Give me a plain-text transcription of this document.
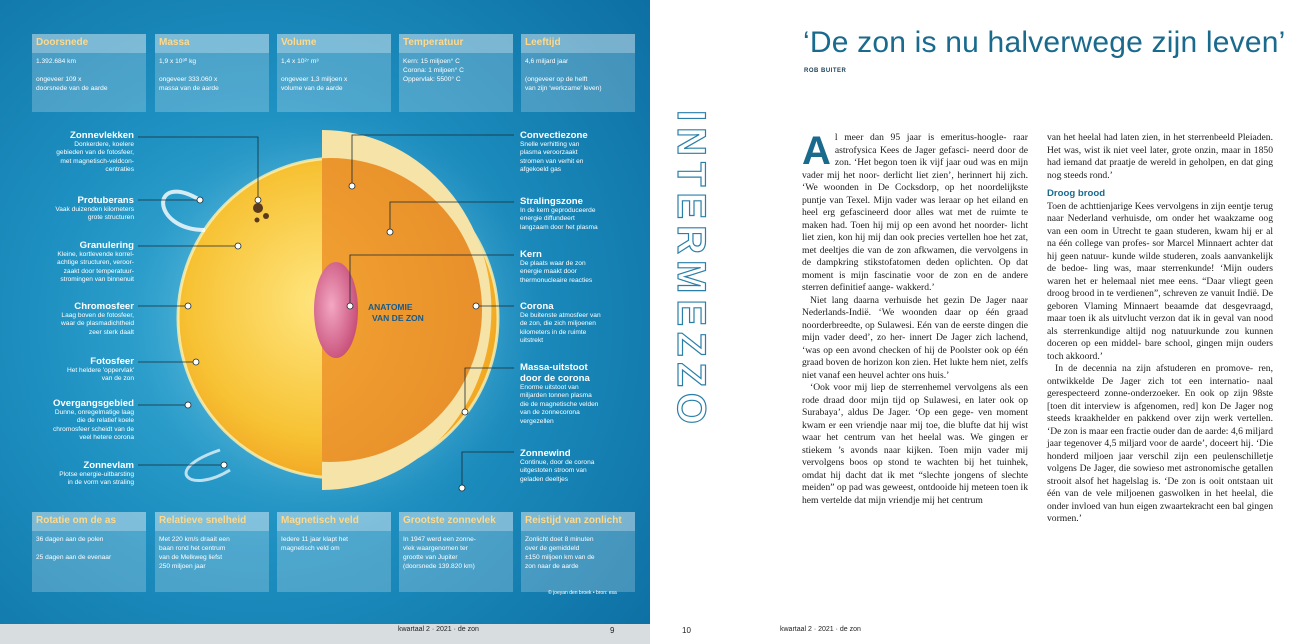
ANATOMIE
VAN DE ZON
Doorsnede
1.392.684 km

ongeveer 109 x
doorsnede van de aarde
Massa
1,9 x 10³⁰ kg

ongeveer 333.060 x
massa van de aarde
Volume
1,4 x 10²⁷ m³

ongeveer 1,3 miljoen x
volume van de aarde
Temperatuur
Kern: 15 miljoen° C
Corona: 1 miljoen° C
Oppervlak: 5500° C
Leeftijd
4,6 miljard jaar

(ongeveer op de helft
van zijn 'werkzame' leven)
Zonnevlekken
Donkerdere, koelere
gebieden van de fotosfeer,
met magnetisch-veldcon-
centraties
Protuberans
Vaak duizenden kilometers
grote structuren
Granulering
Kleine, kortlevende korrel-
achtige structuren, veroor-
zaakt door temperatuur-
stromingen van binnenuit
Chromosfeer
Laag boven de fotosfeer,
waar de plasmadichtheid
zeer sterk daalt
Fotosfeer
Het heldere 'oppervlak'
van de zon
Overgangsgebied
Dunne, onregelmatige laag
die de relatief koele
chromosfeer scheidt van de
veel hetere corona
Zonnevlam
Plotse energie-uitbarsting
in de vorm van straling
Convectiezone
Snelle verhitting van
plasma veroorzaakt
stromen van verhit en
afgekoeld gas
Stralingszone
In de kern geproduceerde
energie diffundeert
langzaam door het plasma
Kern
De plaats waar de zon
energie maakt door
thermonucleaire reacties
Corona
De buitenste atmosfeer van
de zon, die zich miljoenen
kilometers in de ruimte
uitstrekt
Massa-uitstoot
door de corona
Enorme uitstoot van
miljarden tonnen plasma
die de magnetische velden
van de zonnecorona
vergezellen
Zonnewind
Continue, door de corona
uitgestoten stroom van
geladen deeltjes
Rotatie om de as
36 dagen aan de polen

25 dagen aan de evenaar
Relatieve snelheid
Met 220 km/s draait een
baan rond het centrum
van de Melkweg liefst
250 miljoen jaar
Magnetisch veld
Iedere 11 jaar klapt het
magnetisch veld om
Grootste zonnevlek
In 1947 werd een zonne-
vlek waargenomen ter
grootte van Jupiter
(doorsnede 139.820 km)
Reistijd van zonlicht
Zonlicht doet 8 minuten
over de gemiddeld
±150 miljoen km van de
zon naar de aarde
© joeyan den broek • bron: esa
kwartaal 2 · 2021 · de zon	9
INTERMEZZO
‘De zon is nu halverwege zijn leven’
ROB BUITER

Al meer dan 95 jaar is emeritus-hoogle- raar astrofysica Kees de Jager gefasci- neerd door de zon. ‘Het begon toen ik vijf jaar oud was en mijn vader mij het noor- derlicht liet zien’, herinnert hij zich. ‘We woonden in De Cocksdorp, op het noordelijkste puntje van Texel. Mijn vader was leraar op het eiland en heel erg gefascineerd door alles wat met de ruimte te maken had. Toen hij mij op een avond het noorder- licht liet zien, kon hij mij dan ook precies vertellen hoe het zat, met deeltjes die van de zon afkwamen, die vervolgens in de dampkring stikstofatomen deden oplichten. Op dat moment is mijn fascinatie voor de zon en de andere sterren definitief aange- wakkerd.’

Niet lang daarna verhuisde het gezin De Jager naar Nederlands-Indië. ‘We woonden daar op één graad noorderbreedte, op Sulawesi. Eén van de eerste dingen die mijn vader deed’, zo her- innert De Jager zich lachend, ‘was op een avond checken of hij de Poolster ook op één graad boven de horizon kon zien. Het lukte hem niet, zelfs niet vanaf een heuvel achter ons huis.’

‘Ook voor mij liep de sterrenhemel vervolgens als een rode draad door mijn tijd op Sulawesi, en later ook op Surabaya’, aldus De Jager. ‘Op een gege- ven moment kwam er een vriendje naar mij toe, die blufte dat hij wist waar het centrum van het heelal was. We gingen er stiekem ’s avonds naar kijken. Toen mijn vader mij vervolgens boos op stond te wachten bij het tuinhek, omdat hij dacht dat ik met “slechte jongens of slechte meiden” op pad was geweest, ontdooide hij meteen toen ik hem vertelde dat mijn vriendje mij het centrum

van het heelal had laten zien, in het sterrenbeeld Pleiaden. Het was, wist ik niet veel later, grote onzin, maar in 1850 had iemand dat praatje de wereld in geholpen, en dat ging nog steeds rond.’

Droog brood

Toen de achttienjarige Kees vervolgens in zijn eentje terug naar Nederland verhuisde, om onder het waakzame oog van een oom in Utrecht te gaan studeren, kwam hij er al na één college van profes- sor Marcel Minnaert achter dat hij geen natuur- kunde wilde studeren, zoals aanvankelijk de bedoe- ling was, maar sterrenkunde! ‘Mijn ouders waren het er helemaal niet mee eens. “Daar vliegt geen droog brood in te verdienen”, schreven ze vanuit Indië. De geboren Vlaming Minnaert beaamde dat desgevraagd, maar toen ik als uitvlucht verzon dat ik in geval van nood als sterrenkundige altijd nog natuurkunde zou kunnen doceren op een middel- bare school, gingen mijn ouders toch akkoord.’

In de decennia na zijn afstuderen en promove- ren, ontwikkelde De Jager zich tot een internatio- naal gerespecteerd zonne-onderzoeker. En ook op zijn 98ste [toen dit interview is afgenomen, red] kon De Jager nog steeds kraakhelder en pakkend over zijn werk vertellen. ‘De zon is maar een fractie ouder dan de aarde: 4,6 miljard jaar tegenover 4,5 miljard voor de aarde’, doceert hij. ‘Die honderd miljoen jaar verschil zijn een peulenschilletje volgens De Jager, die sowieso met astronomische getallen strooit alsof het hagelslag is. ‘De zon is ooit ontstaan uit één van de vele miljoenen gaswolken in het heelal, die onder invloed van hun eigen zwaartekracht een bal gingen vormen.’

10	kwartaal 2 · 2021 · de zon
